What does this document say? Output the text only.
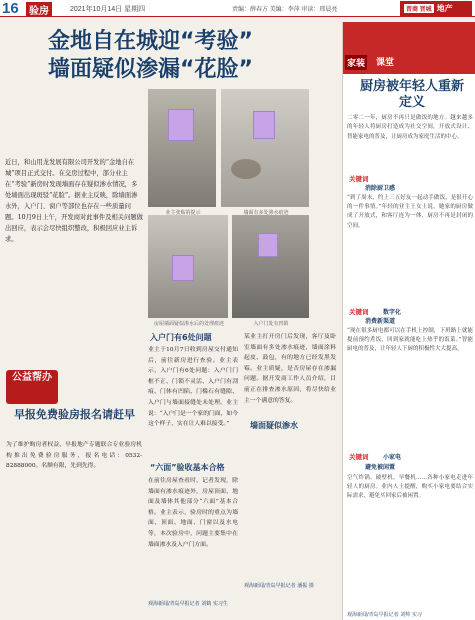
16	验房	2021年10月14日 星期四	责编：薛春方 美编：李萍 审读：邢晨亮	晋商 晋城 地产
金地自在城迎“考验”
墙面疑似渗漏“花脸”
业主张贴的提示	墙面有多处渗水痕迹
房屋墙面疑似渗水后的处理痕迹	入户门处有凹陷
近日，和山用龙发展有限公司开发的“金地自在城”项目正式交付。在交房过程中，部分业主在“考验”新房时发现墙面存在疑似渗水情况，多处墙面出现斑驳“花脸”。据业主反映，除墙面渗水外，入户门、窗户等部位也存在一些质量问题。10月9日上午，开发商对此事件及相关问题做出回应，表示会尽快组织整改，积极回应业主诉求。
入户门有6处问题
业主于10月7日收到房屋交付通知后，前往新房进行查验。业主表示，入户门有6处问题：入户门门框不正、门锁不灵活、入户门有刮痕、门体有凹陷、门槛石有缝隙、入户门与墙面接缝处未处理。业主说：“入户门是一个家的门面，如今这个样子，实在让人难以接受。”
“六面”验收基本合格
在前往房屋查看时，记者发现，除墙面有渗水痕迹外，房屋顶面、地面及墙体其他部分“六面”基本合格。业主表示，验房时的重点为墙面、顶面、地面、门窗以及水电等，本次验房中，问题主要集中在墙面渗水及入户门方面。
某业主打开房门后发现，客厅及卧室墙面有多处渗水痕迹，墙面涂料起皮、鼓包，有的地方已经发黑发霉。业主质疑，是否房屋存在渗漏问题。据开发商工作人员介绍，目前正在排查渗水原因，将尽快给业主一个满意的答复。
墙面疑似渗水
观海新闻/青岛早报记者 潘振 摄
观海新闻/青岛早报记者 刘鹤 实习生
公益帮办
早报免费验房报名请赶早
为了维护购房者权益，早报地产专题联合专业验房机构推出免费验房服务，报名电话：0532-82888000。名额有限，先到先得。
家装 课堂
厨房被年轻人重新定义
二零二一年，厨房不再只是做饭的地方。越来越多的年轻人将厨房打造成为社交空间，开放式设计、智能家电的普及，让厨房成为家庭生活的中心。
关键词
消除厨卫感
“到了周末，约上三五好友一起动手做饭，是很开心的一件事情。”年轻的业主王女士说，她家的厨房做成了开放式，和客厅连为一体，厨房不再是封闭的空间。
关键词 数字化
消费新渠道
“现在很多厨电都可以在手机上控制，下班路上就能提前预约煮饭，回到家就能吃上热乎的饭菜。”智能厨电的普及，让年轻人下厨的积极性大大提高。
关键词 小家电
避免被闲置
空气炸锅、破壁机、早餐机……各种小家电走进年轻人的厨房。业内人士提醒，购买小家电要结合实际需求，避免买回家后被闲置。
观海新闻/青岛早报记者 刘帅 实习
